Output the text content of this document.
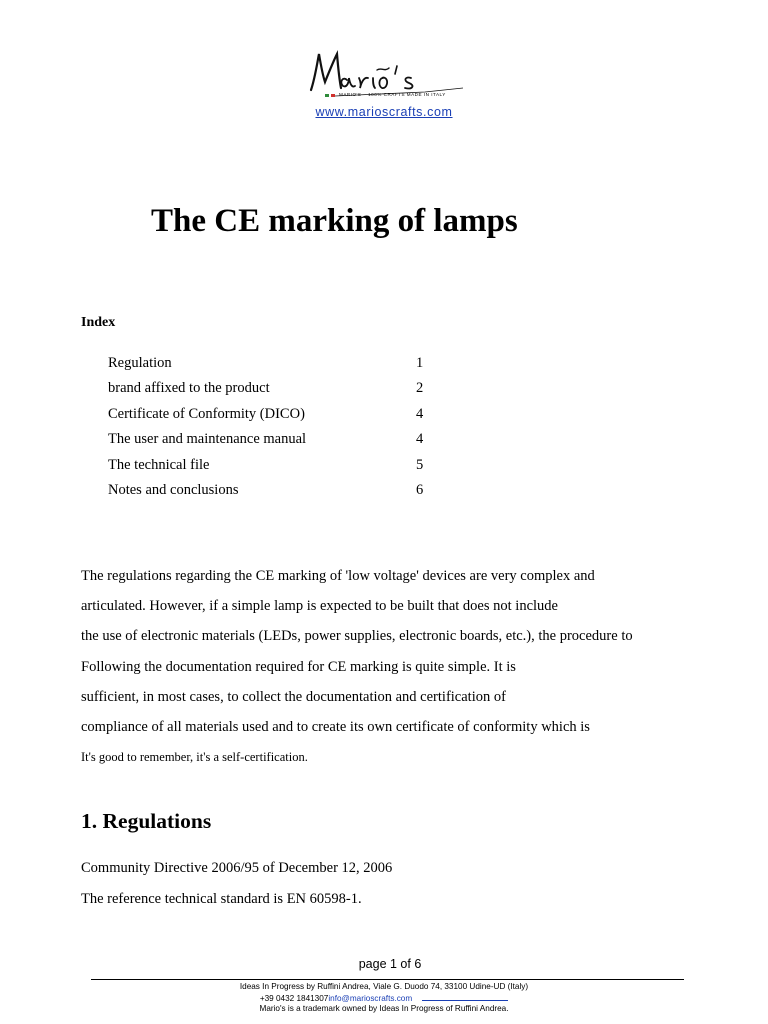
MARIO'S – 100% CRAFTS MADE IN ITALY
www.marioscrafts.com
The CE marking of lamps
Index
Regulation	1
brand affixed to the product	2
Certificate of Conformity (DICO)	4
The user and maintenance manual	4
The technical file	5
Notes and conclusions	6

The regulations regarding the CE marking of 'low voltage' devices are very complex and

articulated. However, if a simple lamp is expected to be built that does not include

the use of electronic materials (LEDs, power supplies, electronic boards, etc.), the procedure to

Following the documentation required for CE marking is quite simple. It is

sufficient, in most cases, to collect the documentation and certification of

compliance of all materials used and to create its own certificate of conformity which is

It's good to remember, it's a self-certification.

1. Regulations

Community Directive 2006/95 of December 12, 2006

The reference technical standard is EN 60598-1.

page 1 of 6
Ideas In Progress by Ruffini Andrea, Viale G. Duodo 74, 33100 Udine-UD (Italy)
+39 0432 1841307info@marioscrafts.com
Mario's is a trademark owned by Ideas In Progress of Ruffini Andrea.
